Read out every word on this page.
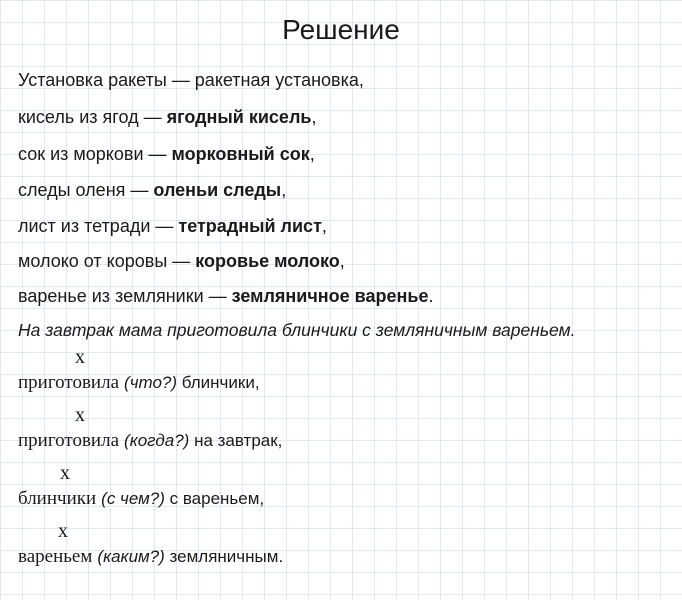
Решение
Установка ракеты — ракетная установка,
кисель из ягод — ягодный кисель,
сок из моркови — морковный сок,
следы оленя — оленьи следы,
лист из тетради — тетрадный лист,
молоко от коровы — коровье молоко,
варенье из земляники — земляничное варенье.
На завтрак мама приготовила блинчики с земляничным вареньем.
х
приготовила (что?) блинчики,
х
приготовила (когда?) на завтрак,
х
блинчики (с чем?) с вареньем,
х
вареньем (каким?) земляничным.
